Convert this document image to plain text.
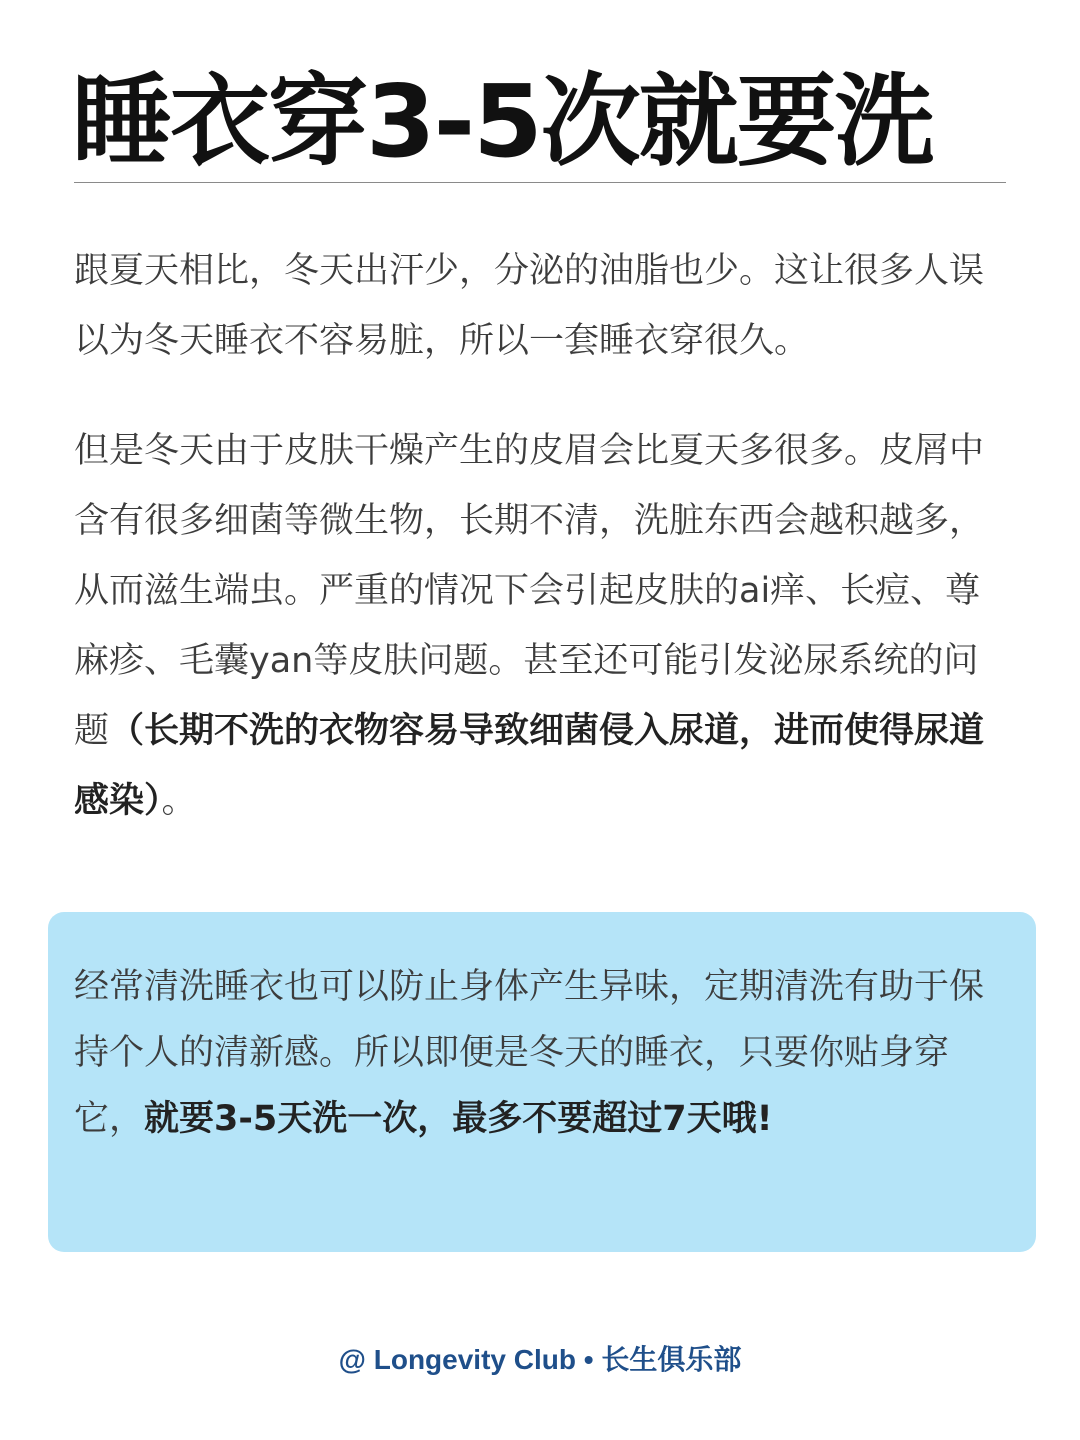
睡衣穿3-5次就要洗

跟夏天相比，冬天出汗少，分泌的油脂也少。这让很多人误以为冬天睡衣不容易脏，所以一套睡衣穿很久。

但是冬天由于皮肤干燥产生的皮眉会比夏天多很多。皮屑中含有很多细菌等微生物，长期不清，洗脏东西会越积越多，从而滋生端虫。严重的情况下会引起皮肤的ai痒、长痘、尊麻疹、毛囊yan等皮肤问题。甚至还可能引发泌尿系统的问题（长期不洗的衣物容易导致细菌侵入尿道，进而使得尿道感染）。

经常清洗睡衣也可以防止身体产生异味，定期清洗有助于保持个人的清新感。所以即便是冬天的睡衣，只要你贴身穿它，就要3-5天洗一次，最多不要超过7天哦!

@ Longevity Club • 长生俱乐部
